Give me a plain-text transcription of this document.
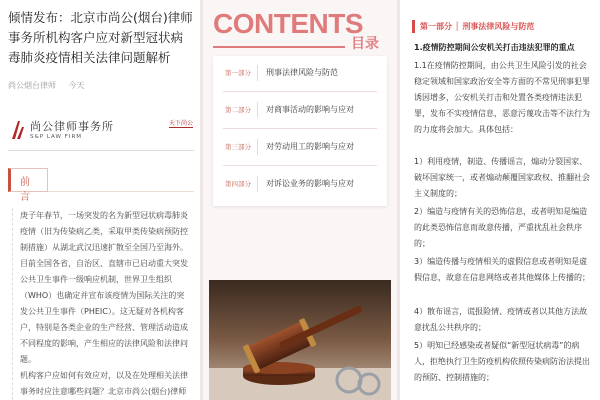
倾情发布：北京市尚公(烟台)律师事务所机构客户应对新型冠状病毒肺炎疫情相关法律问题解析
尚公烟台律师 今天
尚公律师事务所
S&P LAW FIRM
天下尚公
前 言

庚子年春节，一场突发的名为新型冠状病毒肺炎疫情（旧为传染病乙类，采取甲类传染病预防控制措施）从湖北武汉迅速扩散至全国乃至海外。

目前全国各省，自治区、直辖市已启动重大突发公共卫生事件一级响应机制，世界卫生组织（WHO）也确定并宣布该疫情为国际关注的突发公共卫生事件（PHEIC）。这无疑对各机构客户，特别是各类企业的生产经营、管理活动造成不同程度的影响，产生相应的法律风险和法律问题。

机构客户应如何有效应对，以及在处理相关法律事务时应注意哪些问题？北京市尚公(烟台)律师

CONTENTS
目录
第一部分 刑事法律风险与防范
第二部分 对商事活动的影响与应对
第三部分 对劳动用工的影响与应对
第四部分 对诉讼业务的影响与应对
第一部分 │ 刑事法律风险与防范
1.疫情防控期间公安机关打击违法犯罪的重点
1.1在疫情防控期间，由公共卫生风险引发的社会稳定领域和国家政治安全等方面的不常见刑事犯罪诱因增多，公安机关打击和处置各类疫情违法犯罪，发布不实疫情信息，恶意污蔑攻击等不法行为的力度将会加大。具体包括：
1）利用疫情，制造、传播谣言，煽动分裂国家、破坏国家统一，或者煽动颠覆国家政权、推翻社会主义制度的；
2）编造与疫情有关的恐怖信息，或者明知是编造的此类恐怖信息而故意传播，严重扰乱社会秩序的；
3）编造传播与疫情相关的虚假信息或者明知是虚假信息，故意在信息网络或者其他媒体上传播的；
4）散布谣言，谎报险情、疫情或者以其他方法故意扰乱公共秩序的；
5）明知已经感染或者疑似“新型冠状病毒”的病人，拒绝执行卫生防疫机构依照传染病防治法提出的预防、控制措施的；
